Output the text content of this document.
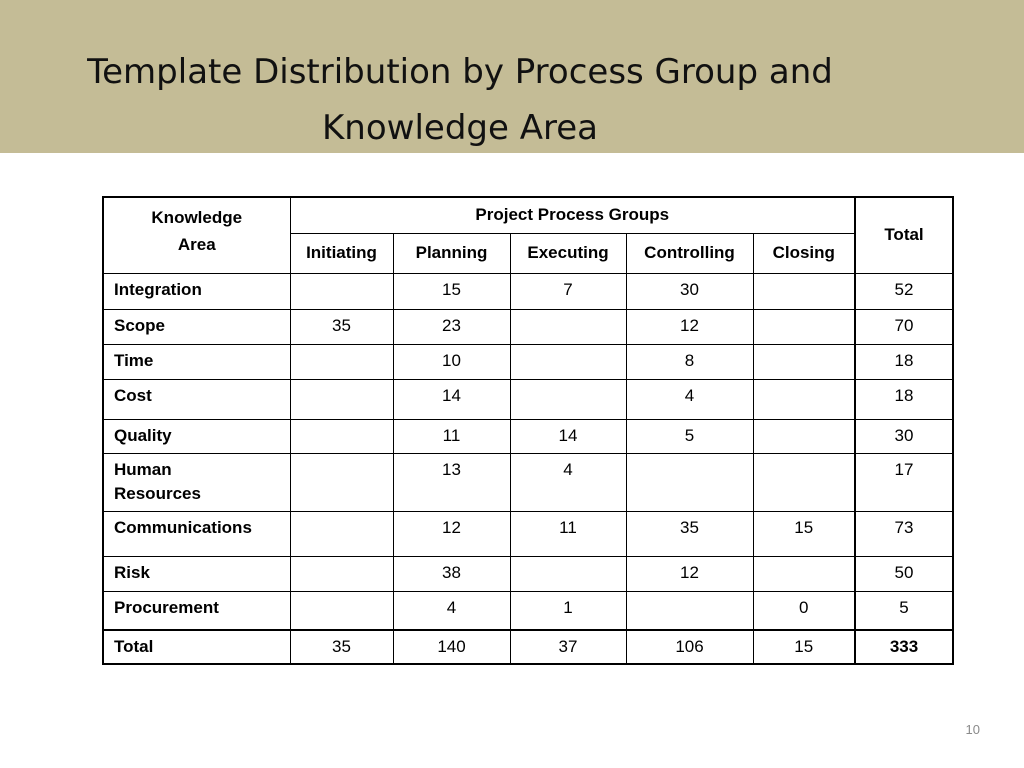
Template Distribution by Process Group and
Knowledge Area
Knowledge
Area	Project Process Groups					Total
	Initiating	Planning	Executing	Controlling	Closing	
Integration		15	7	30		52
Scope	35	23		12		70
Time		10		8		18
Cost		14		4		18
Quality		11	14	5		30
Human Resources		13	4			17
Communications		12	11	35	15	73
Risk		38		12		50
Procurement		4	1		0	5
Total	35	140	37	106	15	333
10
